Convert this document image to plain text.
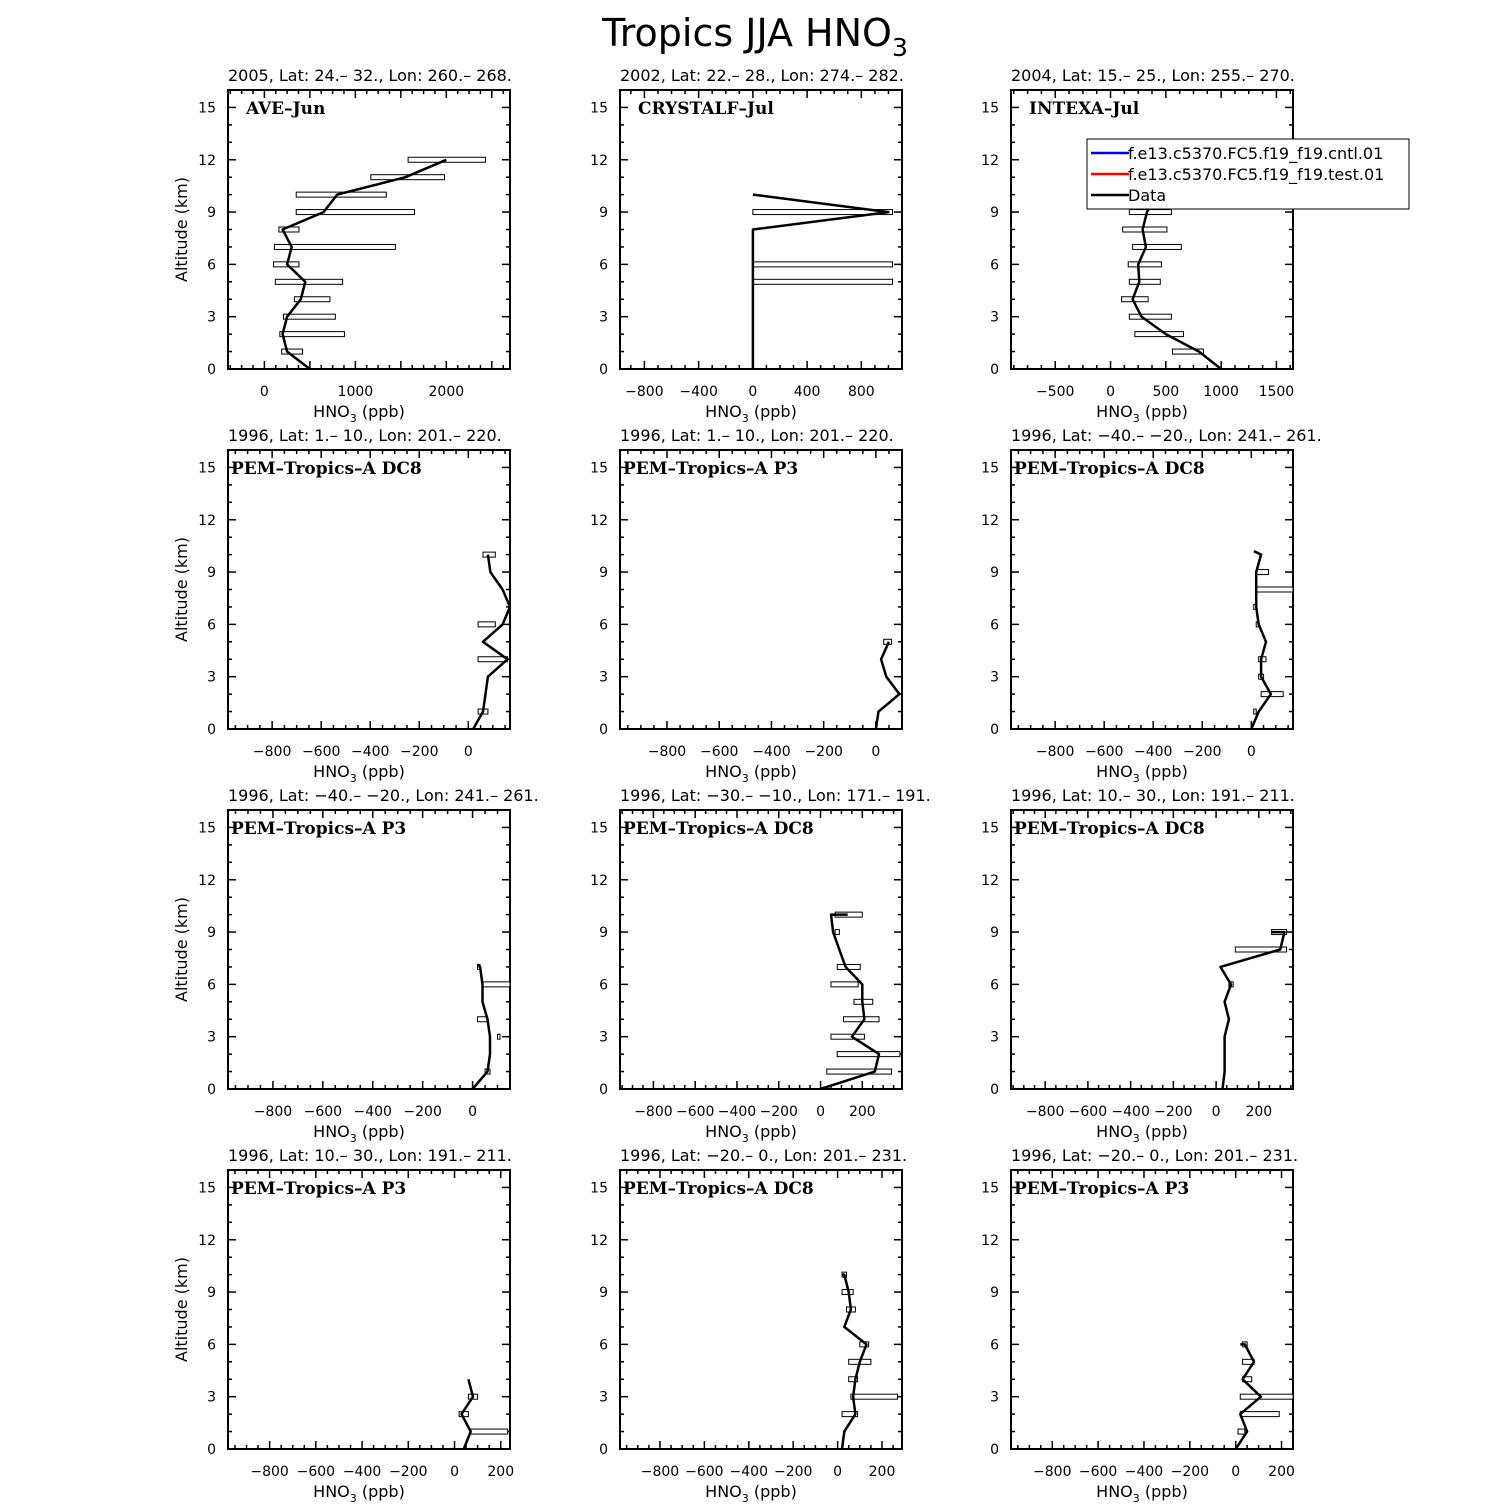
Tropics JJA $HNO_3$
0
3
6
9
12
15
0	1000	2000
2005, Lat: 24.– 32., Lon: 260.– 268.
AVE–Jun
$HNO_3$ (ppb)
Altitude (km)
0
3
6
9
12
15
−800 −400 0	400 800
2002, Lat: 22.– 28., Lon: 274.– 282.
CRYSTALF–Jul
$HNO_3$ (ppb)
0
3
6
9
12
15
−500 0	500 1000 1500
2004, Lat: 15.– 25., Lon: 255.– 270.
INTEXA–Jul
$HNO_3$ (ppb)
0
3
6
9
12
15
−800 −600 −400 −200 0
1996, Lat: 1.– 10., Lon: 201.– 220.
PEM–Tropics–A DC8
$HNO_3$ (ppb)
Altitude (km)
0
3
6
9
12
15
−800 −600 −400 −200 0
1996, Lat: 1.– 10., Lon: 201.– 220.
PEM–Tropics–A P3
$HNO_3$ (ppb)
0
3
6
9
12
15
−800 −600 −400 −200 0
1996, Lat: −40.– −20., Lon: 241.– 261.
PEM–Tropics–A DC8
$HNO_3$ (ppb)
0
3
6
9
12
15
−800 −600 −400 −200 0
1996, Lat: −40.– −20., Lon: 241.– 261.
PEM–Tropics–A P3
$HNO_3$ (ppb)
Altitude (km)
0
3
6
9
12
15
−800 −600 −400 −200 0 200
1996, Lat: −30.– −10., Lon: 171.– 191.
PEM–Tropics–A DC8
$HNO_3$ (ppb)
0
3
6
9
12
15
−800 −600 −400 −200 0 200
1996, Lat: 10.– 30., Lon: 191.– 211.
PEM–Tropics–A DC8
$HNO_3$ (ppb)
0
3
6
9
12
15
−800 −600 −400 −200 0 200
1996, Lat: 10.– 30., Lon: 191.– 211.
PEM–Tropics–A P3
$HNO_3$ (ppb)
Altitude (km)
0
3
6
9
12
15
−800 −600 −400 −200 0 200
1996, Lat: −20.– 0., Lon: 201.– 231.
PEM–Tropics–A DC8
$HNO_3$ (ppb)
0
3
6
9
12
15
−800 −600 −400 −200 0 200
1996, Lat: −20.– 0., Lon: 201.– 231.
PEM–Tropics–A P3
$HNO_3$ (ppb)
f.e13.c5370.FC5.f19_f19.cntl.01
f.e13.c5370.FC5.f19_f19.test.01
Data
